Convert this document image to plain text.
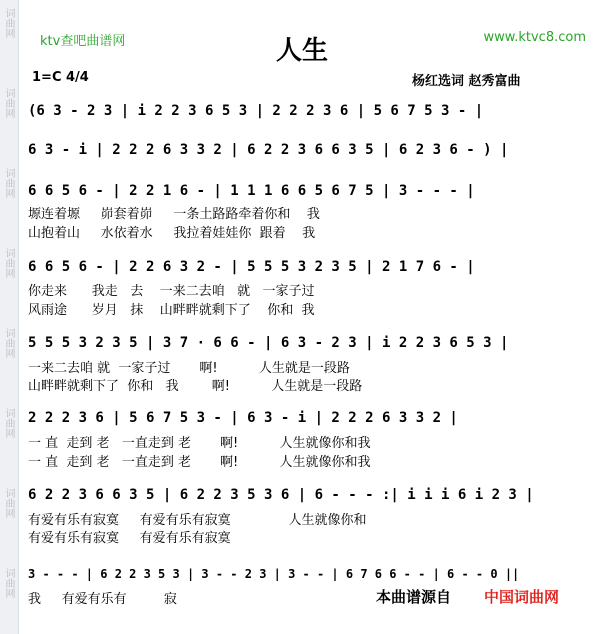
词曲网
词曲网
词曲网
词曲网
词曲网
词曲网
词曲网
词曲网
ktv查吧曲谱网	www.ktvc8.com
人生
1=C 4/4	杨红选词 赵秀富曲
(6 3 - 2 3 | i 2 2 3 6 5 3 | 2 2 2 3 6 | 5 6 7 5 3 - |
6 3 - i | 2 2 2 6 3 3 2 | 6 2 2 3 6 6 3 5 | 6 2 3 6 - ) |
6 6 5 6 - | 2 2 1 6 - | 1 1 1 6 6 5 6 7 5 | 3 - - - |
塬连着塬     峁套着峁     一条土路路牵着你和    我
山抱着山     水依着水     我拉着娃娃你  跟着    我
6 6 5 6 - | 2 2 6 3 2 - | 5 5 5 3 2 3 5 | 2 1 7 6 - |
你走来      我走   去    一来二去咱   就   一家子过
风雨途      岁月   抹    山畔畔就剩下了    你和  我
5 5 5 3 2 3 5 | 3 7 · 6 6 - | 6 3 - 2 3 | i 2 2 3 6 5 3 |
一来二去咱 就  一家子过       啊!          人生就是一段路
山畔畔就剩下了  你和   我        啊!          人生就是一段路
2 2 2 3 6 | 5 6 7 5 3 - | 6 3 - i | 2 2 2 6 3 3 2 |
一 直  走到 老   一直走到 老       啊!          人生就像你和我
一 直  走到 老   一直走到 老       啊!          人生就像你和我
6 2 2 3 6 6 3 5 | 6 2 2 3 5 3 6 | 6 - - - :| i i i 6 i 2 3 |
有爱有乐有寂寞     有爱有乐有寂寞              人生就像你和
有爱有乐有寂寞     有爱有乐有寂寞
3 - - - | 6 2 2 3 5 3 | 3 - - 2 3 | 3 - - | 6 7 6 6 - - | 6 - - 0 ||
我     有爱有乐有         寂	本曲谱源自 中国词曲网
